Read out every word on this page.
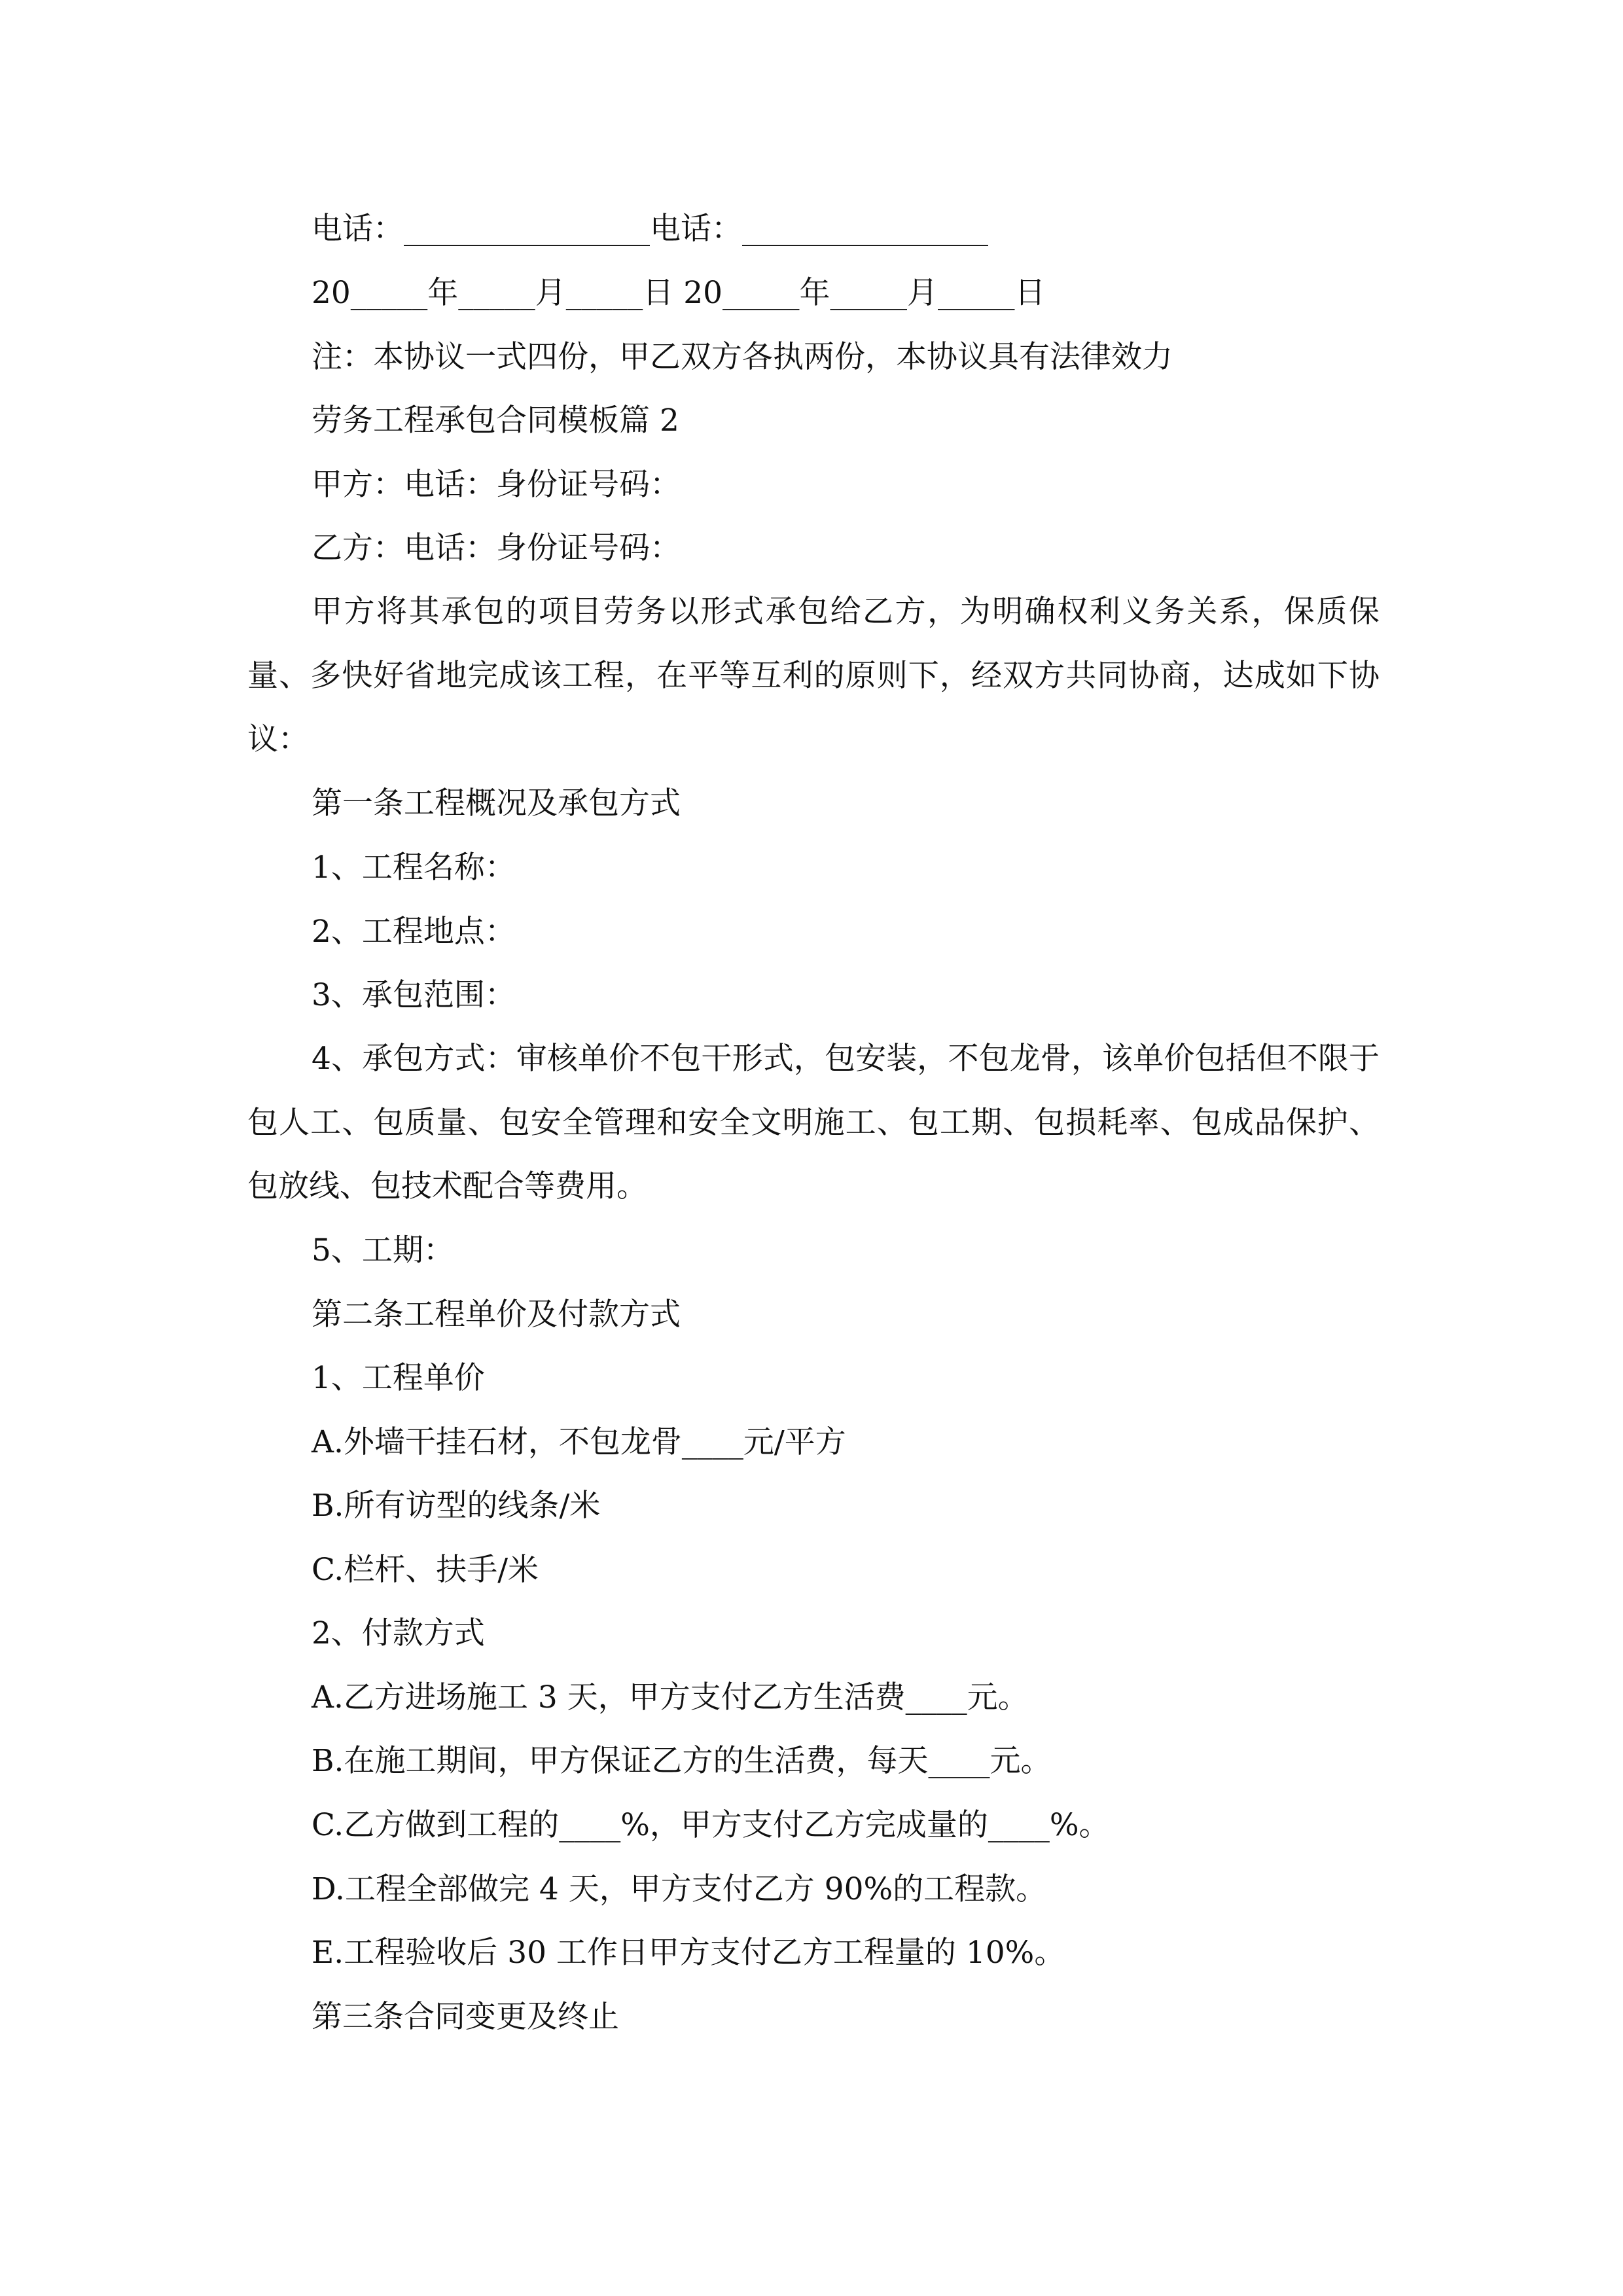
电话：________________电话：________________
20_____年_____月_____日 20_____年_____月_____日
注：本协议一式四份，甲乙双方各执两份，本协议具有法律效力
劳务工程承包合同模板篇 2
甲方：电话：身份证号码：
乙方：电话：身份证号码：
甲方将其承包的项目劳务以形式承包给乙方，为明确权利义务关系，保质保量、多快好省地完成该工程，在平等互利的原则下，经双方共同协商，达成如下协议：
第一条工程概况及承包方式
1、工程名称：
2、工程地点：
3、承包范围：
4、承包方式：审核单价不包干形式，包安装，不包龙骨，该单价包括但不限于包人工、包质量、包安全管理和安全文明施工、包工期、包损耗率、包成品保护、包放线、包技术配合等费用。
5、工期：
第二条工程单价及付款方式
1、工程单价
A.外墙干挂石材，不包龙骨____元/平方
B.所有访型的线条/米
C.栏杆、扶手/米
2、付款方式
A.乙方进场施工 3 天，甲方支付乙方生活费____元。
B.在施工期间，甲方保证乙方的生活费，每天____元。
C.乙方做到工程的____%，甲方支付乙方完成量的____%。
D.工程全部做完 4 天，甲方支付乙方 90%的工程款。
E.工程验收后 30 工作日甲方支付乙方工程量的 10%。
第三条合同变更及终止
